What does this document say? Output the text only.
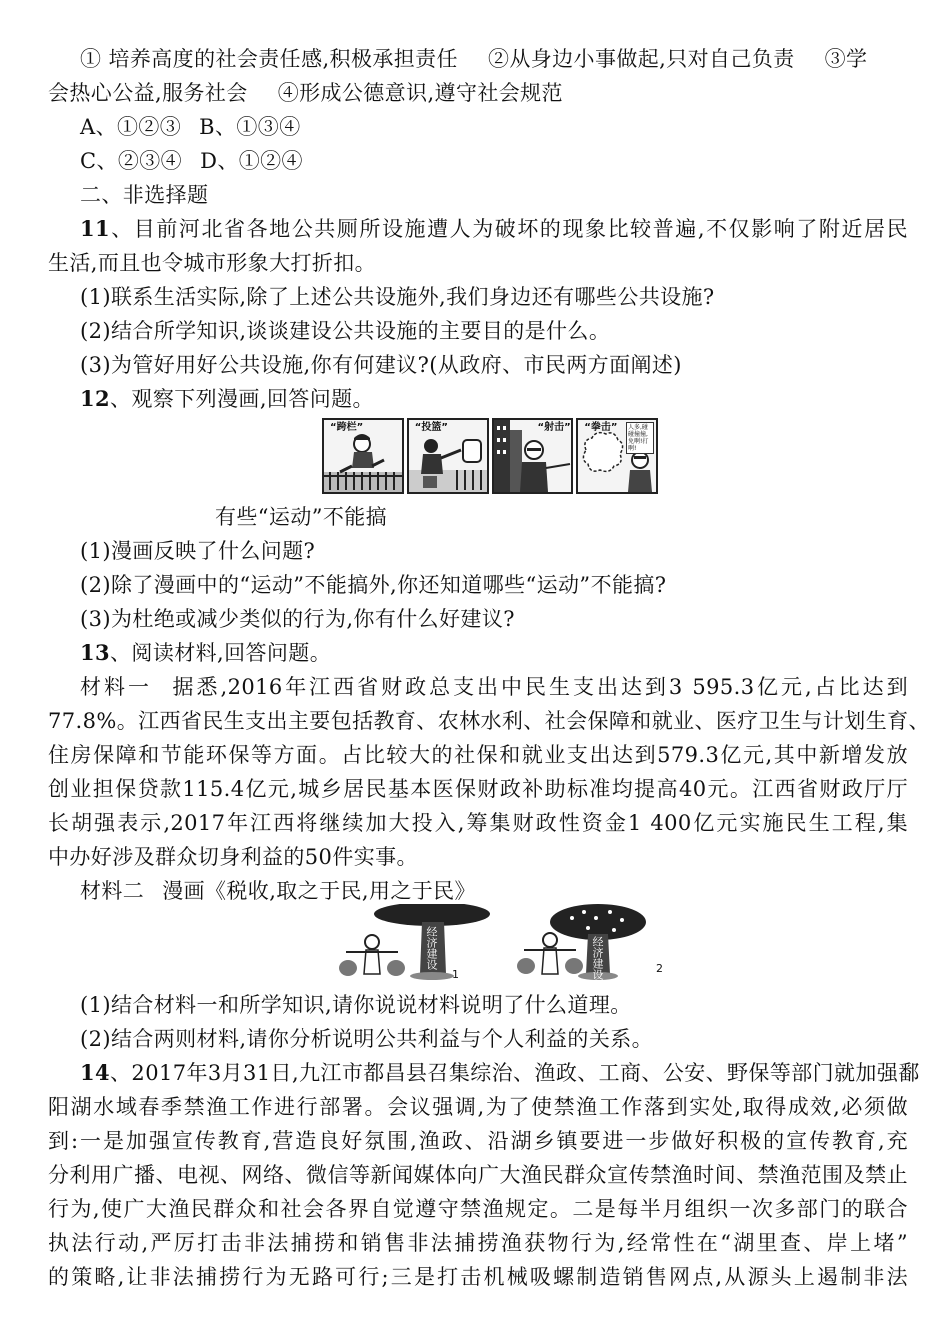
① 培养高度的社会责任感,积极承担责任 ②从身边小事做起,只对自己负责 ③学
会热心公益,服务社会 ④形成公德意识,遵守社会规范
A、①②③ B、①③④
C、②③④ D、①②④
二、非选择题
11、目前河北省各地公共厕所设施遭人为破坏的现象比较普遍,不仅影响了附近居民
生活,而且也令城市形象大打折扣。
(1)联系生活实际,除了上述公共设施外,我们身边还有哪些公共设施?
(2)结合所学知识,谈谈建设公共设施的主要目的是什么。
(3)为管好用好公共设施,你有何建议?(从政府、市民两方面阐述)
12、观察下列漫画,回答问题。
“跨栏”	“投篮”	“射击” “拳击”	人多,碰碰撞撞,免啊!打啊!
有些“运动”不能搞
(1)漫画反映了什么问题?
(2)除了漫画中的“运动”不能搞外,你还知道哪些“运动”不能搞?
(3)为杜绝或减少类似的行为,你有什么好建议?
13、阅读材料,回答问题。
材料一 据悉,2016年江西省财政总支出中民生支出达到3 595.3亿元,占比达到
77.8%。江西省民生支出主要包括教育、农林水利、社会保障和就业、医疗卫生与计划生育、
住房保障和节能环保等方面。占比较大的社保和就业支出达到579.3亿元,其中新增发放
创业担保贷款115.4亿元,城乡居民基本医保财政补助标准均提高40元。江西省财政厅厅
长胡强表示,2017年江西将继续加大投入,筹集财政性资金1 400亿元实施民生工程,集
中办好涉及群众切身利益的50件实事。
材料二 漫画《税收,取之于民,用之于民》
经济建设	经济建设
1	2
(1)结合材料一和所学知识,请你说说材料说明了什么道理。
(2)结合两则材料,请你分析说明公共利益与个人利益的关系。
14、2017年3月31日,九江市都昌县召集综治、渔政、工商、公安、野保等部门就加强鄱
阳湖水域春季禁渔工作进行部署。会议强调,为了使禁渔工作落到实处,取得成效,必须做
到:一是加强宣传教育,营造良好氛围,渔政、沿湖乡镇要进一步做好积极的宣传教育,充
分利用广播、电视、网络、微信等新闻媒体向广大渔民群众宣传禁渔时间、禁渔范围及禁止
行为,使广大渔民群众和社会各界自觉遵守禁渔规定。二是每半月组织一次多部门的联合
执法行动,严厉打击非法捕捞和销售非法捕捞渔获物行为,经常性在“湖里查、岸上堵”
的策略,让非法捕捞行为无路可行;三是打击机械吸螺制造销售网点,从源头上遏制非法
